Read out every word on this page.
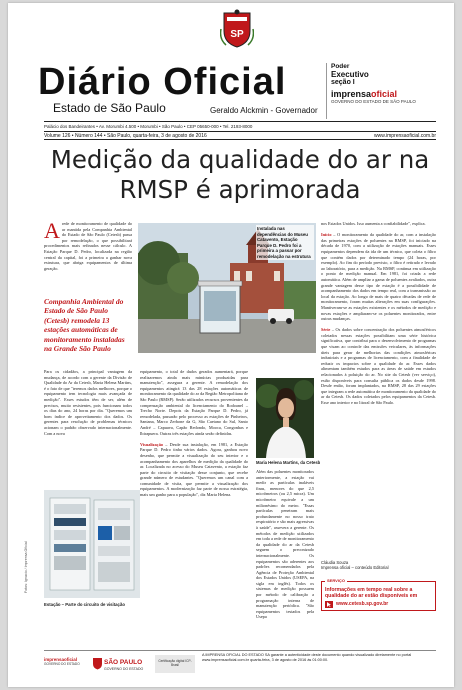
SP
Diário Oficial
Estado de São Paulo	Geraldo Alckmin - Governador
Poder
Executivo
seção I
imprensaoficial
GOVERNO DO ESTADO DE SÃO PAULO
Palácio dos Bandeirantes • Av. Morumbi 4.500 • Morumbi • São Paulo • CEP 05650-000 • Tel. 2193-8000
Volume 126 • Número 144 • São Paulo, quarta-feira, 3 de agosto de 2016	www.imprensaoficial.com.br
Medição da qualidade do ar na RMSP é aprimorada
Arede de monitoramento de qualidade do ar mantida pela Companhia Ambiental do Estado de São Paulo (Cetesb) passa por remodelação, o que possibilitará procedimentos mais refinados nesse cálculo. A Estação Parque D. Pedro, localizada na região central da capital, foi a primeira a ganhar nova estrutura, que abriga equipamentos de última geração.
Companhia Ambiental do Estado de São Paulo (Cetesb) remodela 13 estações automáticas de monitoramento instaladas na Grande São Paulo
Instalada nas dependências do Museu Catavento, Estação Parque D. Pedro foi a primeira a passar por remodelação na estrutura
Para os cidadãos, a principal vantagem da mudança, de acordo com a gerente da Divisão de Qualidade do Ar da Cetesb, Maria Helena Martins, é o fato de que "teremos dados melhores, porque o equipamento tem tecnologia mais avançada de medição". Esses estudos têm de ser, além de precisos, muito resistentes, pois funcionam todos os dias do ano, 24 horas por dia. "Queremos um bom índice de aproveitamento dos dados. Os gerentes para resolução de problemas técnicos acionam o padrão observado internacionalmente. Com a nova
equipamento, o total de dados gerados aumentará, porque realizaremos ainda mais minúcias produzidas para manutenção", assegura a gerente. A remodelação dos equipamentos atingirá 13 das 28 estações automáticas de monitoramento da qualidade do ar da Região Metropolitana de São Paulo (RMSP). Serão utilizados recursos provenientes da compensação ambiental do licenciamento do Rodoanel – Trecho Norte. Depois da Estação Parque D. Pedro, já remodelada, passarão pelo processo as estações de Pinheiros, Santana, Marco Zerbone da G, São Caetano do Sul, Santo André – Capuava, Capão Redondo, Mooca, Congonhas e Ibirapuera. Outras três estações ainda serão definidas.

Visualização – Desde sua instalação, em 1981, a Estação Parque D. Pedro tinha vários dados. Agora, ganhou novo desenho, que permite a visualização do seu interior e o acompanhamento dos aparelhos de medição da qualidade do ar. Localizada no acesso do Museu Catavento, a estação faz parte do circuito de visitação desse conjunto, que recebe grande número de estudantes. "Queremos um canal com a comunidade de visita, que permite a visualização dos equipamentos. A modernização faz parte de nossa estratégia, mais um ganho para a população", diz Maria Helena.
Maria Helena Martins, da Cetesb
Além das poluentes monitorados anteriormente, a estação vai medir as partículas inaláveis finas, menores do que 2,5 micrômetros (ou 2,5 micra). Um micrômetro equivale a um milionésimo do metro. "Essas partículas penetram mais profundamente no nosso trato respiratório e são mais agressivas à saúde", assevera a gerente. Os métodos de medição utilizados em toda a rede de monitoramento da qualidade do ar da Cetesb seguem o preconizado internacionalmente. Os equipamentos são aderentes aos padrões recomendados pela Agência de Proteção Ambiental dos Estados Unidos (USEPA, na sigla em inglês). Todos os sistemas de medição possuem por método de calibração a programação interna de manutenção periódica. "São equipamentos testados pela Usepa
nos Estados Unidos. Isso aumenta a confiabilidade", explica.

Início – O monitoramento da qualidade do ar, com a instalação das primeiras estações de poluentes na RMSP, foi iniciado na década de 1970, com a utilização de estações manuais. Esses equipamentos dependem da ida de um técnico, que coleta o filtro que contém dados por determinado tempo (24 horas, por exemplo). Ao fim do período previsto, o filtro é retirado e levado ao laboratório, para a medição. Na RMSP, continua em utilização o ponto de medição manual. Em 1981, foi criada a rede automática. Além de ampliar a gama de poluentes avaliados, outra grande vantagem desse tipo de estação é a possibilidade de acompanhamento dos dados em tempo real, com a transmissão ao local da estação. Ao longo de mais de quatro décadas de rede de monitoramento, foram muitas alterações em suas configurações. Mantiveram-se as estações existentes e os métodos de medição e novas estações e ampliaram-se os poluentes monitorados, entre outras mudanças.

Série – Os dados sobre concentração dos poluentes atmosféricos coletados nessas estações possibilitam uma série histórica significativa, que contribui para o desenvolvimento de programas que visam ao controle das emissões veiculares, às informações úteis para gerar de melhorias das condições atmosféricas industriais e a programas de licenciamento, com a finalidade de reduzir os impactos sobre a qualidade do ar. Esses dados alimentam também estudos para as áreas de saúde em estudos relacionados à poluição do ar. No site da Cetesb (ver serviço), estão disponíveis para consulta pública os dados desde 1998. Desde então, foram implantados, na RMSP, 28 das 29 estações que integram a rede automática de monitoramento da qualidade do ar da Cetesb. Os dados coletados pelos equipamentos da Cetesb. Esse ano interior e no litoral de São Paulo.
Cláudia Souza
Imprensa oficial – conteúdo Editorial
SERVIÇO
Informações em tempo real sobre a qualidade do ar estão disponíveis em
www.cetesb.sp.gov.br
Estação – Parte do circuito de visitação
Fotos: Ignacio / Imprensa Oficial
imprensaoficial
GOVERNO DO ESTADO	SÃO PAULO
GOVERNO DO ESTADO
Certificação digital ICP-Brasil
A IMPRENSA OFICIAL DO ESTADO SA garante a autenticidade deste documento quando visualizado diretamente no portal www.imprensaoficial.com.br quarta-feira, 3 de agosto de 2016 às 01:00:00.
